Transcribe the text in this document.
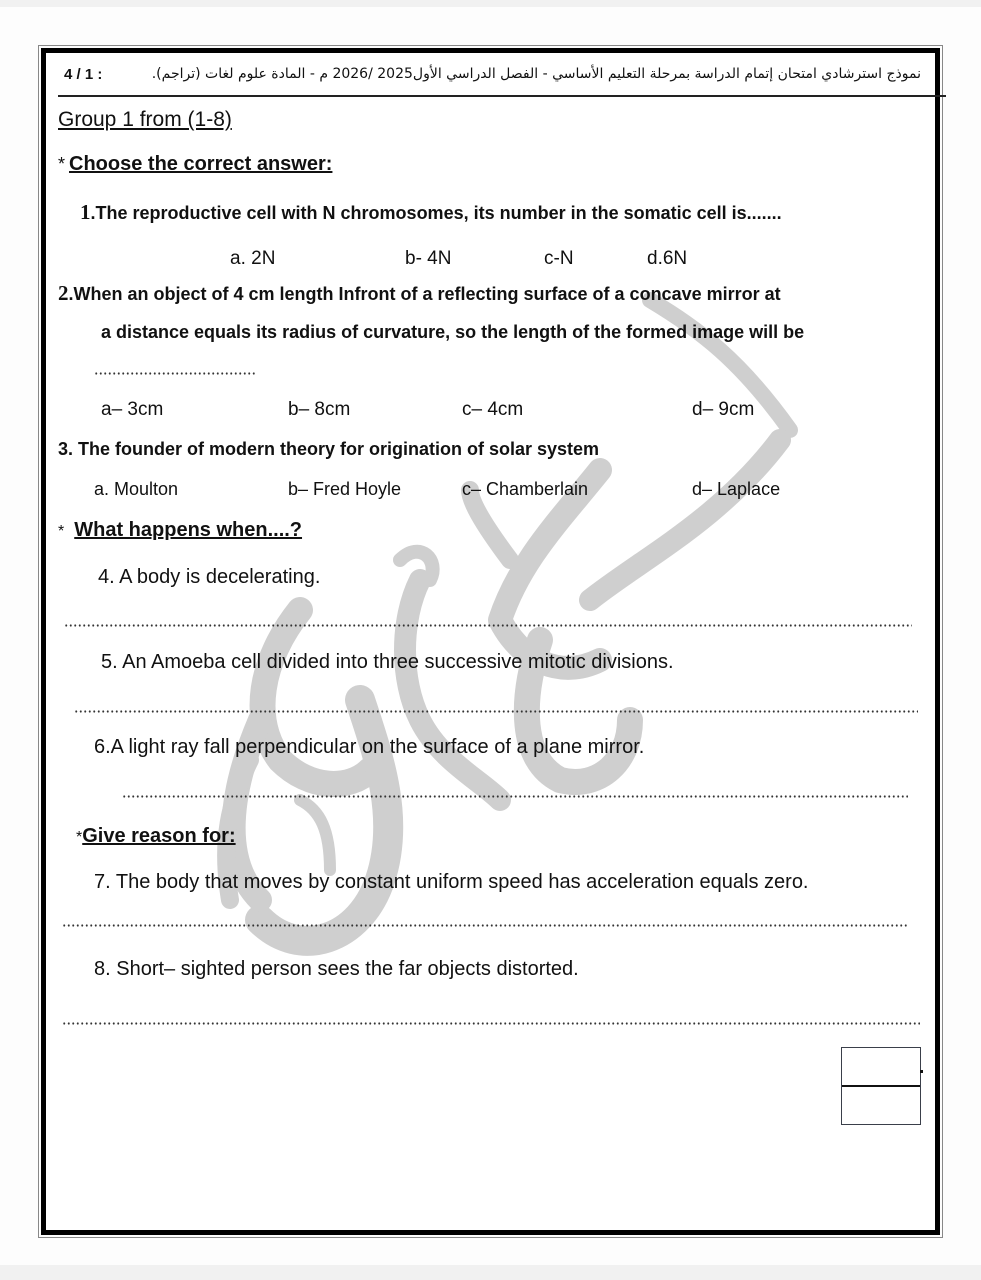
4 / 1 :	نموذج استرشادي امتحان إتمام الدراسة بمرحلة التعليم الأساسي - الفصل الدراسي الأول2025 /2026 م - المادة علوم لغات (تراجم).
Group 1 from (1-8)
* Choose the correct answer:
1.The reproductive cell with N chromosomes, its number in the somatic cell is.......
a. 2N	b- 4N	c-N	d.6N
2.When an object of 4 cm length Infront of a reflecting surface of a concave mirror at
a distance equals its radius of curvature, so the length of the formed image will be
a– 3cm	b– 8cm	c– 4cm	d– 9cm
3. The founder of modern theory for origination of solar system
a. Moulton	b– Fred Hoyle	c– Chamberlain	d– Laplace
* What happens when....?
4. A body is decelerating.
5. An Amoeba cell divided into three successive mitotic divisions.
6.A light ray fall perpendicular on the surface of a plane mirror.
*Give reason for:
7. The body that moves by constant uniform speed has acceleration equals zero.
8. Short– sighted person sees the far objects distorted.
